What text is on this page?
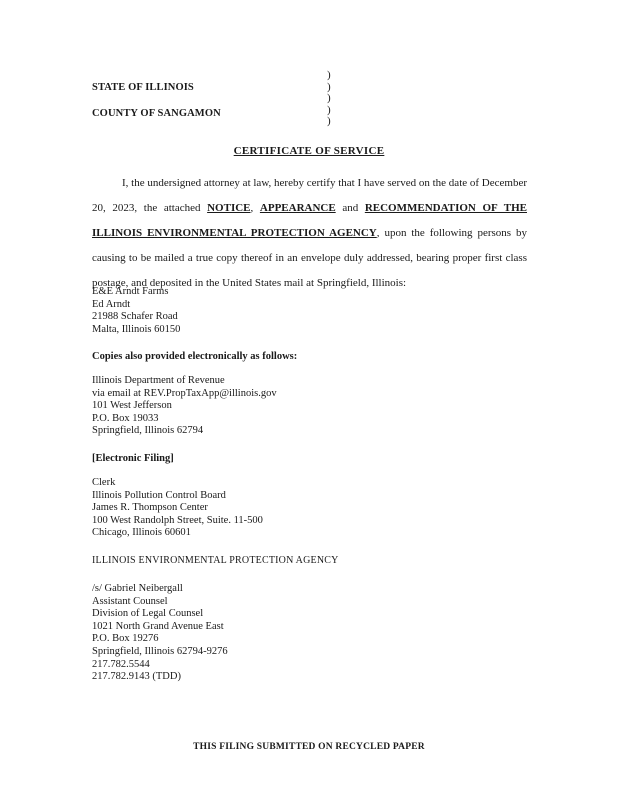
STATE OF ILLINOIS
COUNTY OF SANGAMON
)
)
)
)
)
CERTIFICATE OF SERVICE
I, the undersigned attorney at law, hereby certify that I have served on the date of December 20, 2023, the attached NOTICE, APPEARANCE and RECOMMENDATION OF THE ILLINOIS ENVIRONMENTAL PROTECTION AGENCY, upon the following persons by causing to be mailed a true copy thereof in an envelope duly addressed, bearing proper first class postage, and deposited in the United States mail at Springfield, Illinois:
E&E Arndt Farms
Ed Arndt
21988 Schafer Road
Malta, Illinois 60150
Copies also provided electronically as follows:
Illinois Department of Revenue
via email at REV.PropTaxApp@illinois.gov
101 West Jefferson
P.O. Box 19033
Springfield, Illinois 62794
[Electronic Filing]
Clerk
Illinois Pollution Control Board
James R. Thompson Center
100 West Randolph Street, Suite. 11-500
Chicago, Illinois 60601
ILLINOIS ENVIRONMENTAL PROTECTION AGENCY
/s/ Gabriel Neibergall
Assistant Counsel
Division of Legal Counsel
1021 North Grand Avenue East
P.O. Box 19276
Springfield, Illinois 62794-9276
217.782.5544
217.782.9143 (TDD)
THIS FILING SUBMITTED ON RECYCLED PAPER
